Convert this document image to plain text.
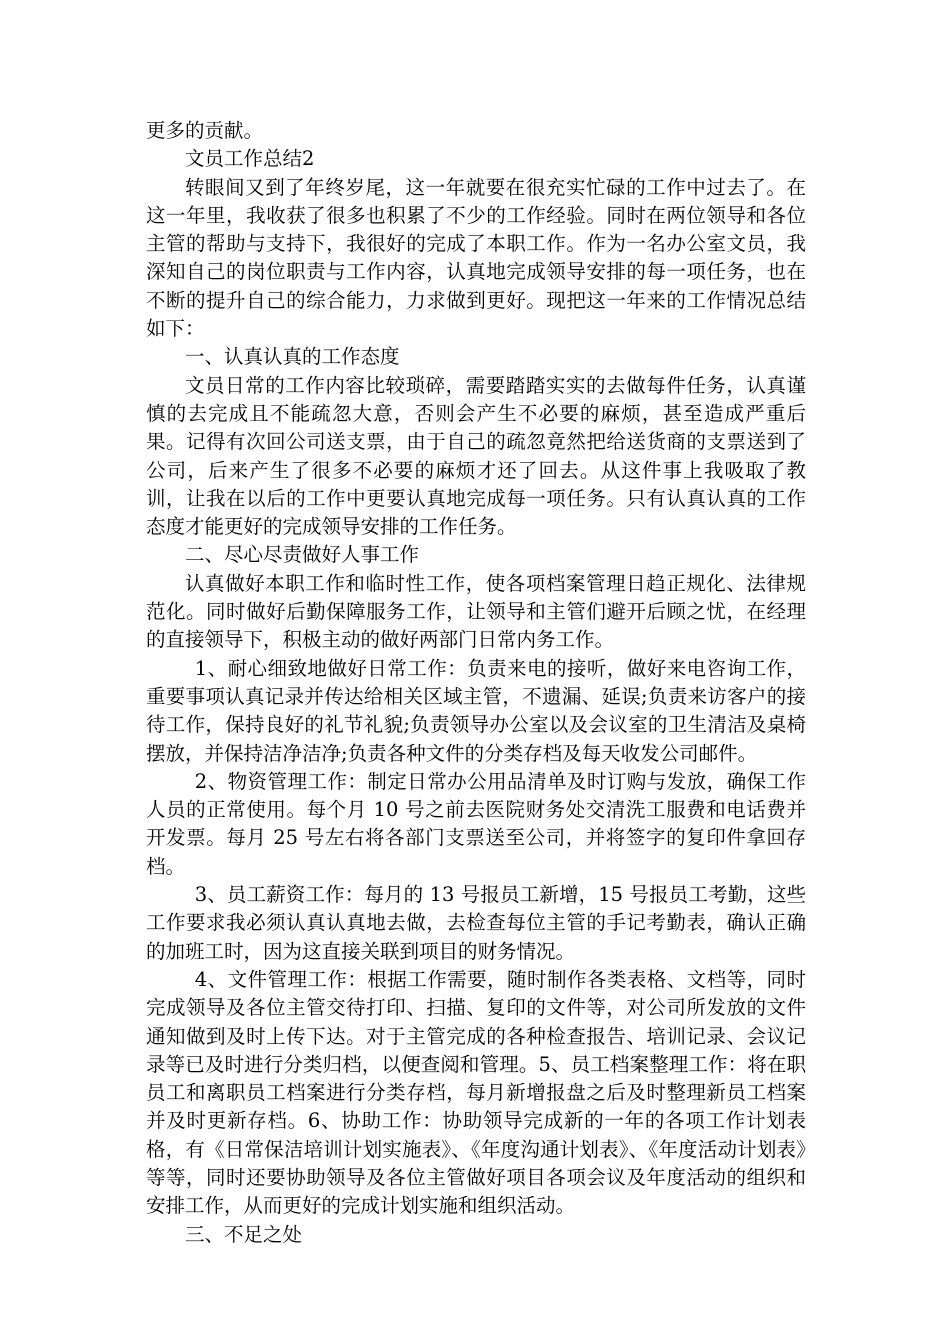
更多的贡献。

文员工作总结2

转眼间又到了年终岁尾，这一年就要在很充实忙碌的工作中过去了。在这一年里，我收获了很多也积累了不少的工作经验。同时在两位领导和各位主管的帮助与支持下，我很好的完成了本职工作。作为一名办公室文员，我深知自己的岗位职责与工作内容，认真地完成领导安排的每一项任务，也在不断的提升自己的综合能力，力求做到更好。现把这一年来的工作情况总结如下：

一、认真认真的工作态度

文员日常的工作内容比较琐碎，需要踏踏实实的去做每件任务，认真谨慎的去完成且不能疏忽大意，否则会产生不必要的麻烦，甚至造成严重后果。记得有次回公司送支票，由于自己的疏忽竟然把给送货商的支票送到了公司，后来产生了很多不必要的麻烦才还了回去。从这件事上我吸取了教训，让我在以后的工作中更要认真地完成每一项任务。只有认真认真的工作态度才能更好的完成领导安排的工作任务。

二、尽心尽责做好人事工作

认真做好本职工作和临时性工作，使各项档案管理日趋正规化、法律规范化。同时做好后勤保障服务工作，让领导和主管们避开后顾之忧，在经理的直接领导下，积极主动的做好两部门日常内务工作。

1、耐心细致地做好日常工作：负责来电的接听，做好来电咨询工作，重要事项认真记录并传达给相关区域主管，不遗漏、延误;负责来访客户的接待工作，保持良好的礼节礼貌;负责领导办公室以及会议室的卫生清洁及桌椅摆放，并保持洁净洁净;负责各种文件的分类存档及每天收发公司邮件。

2、物资管理工作：制定日常办公用品清单及时订购与发放，确保工作人员的正常使用。每个月 10 号之前去医院财务处交清洗工服费和电话费并开发票。每月 25 号左右将各部门支票送至公司，并将签字的复印件拿回存档。

3、员工薪资工作：每月的 13 号报员工新增，15 号报员工考勤，这些工作要求我必须认真认真地去做，去检查每位主管的手记考勤表，确认正确的加班工时，因为这直接关联到项目的财务情况。

4、文件管理工作：根据工作需要，随时制作各类表格、文档等，同时完成领导及各位主管交待打印、扫描、复印的文件等，对公司所发放的文件通知做到及时上传下达。对于主管完成的各种检查报告、培训记录、会议记录等已及时进行分类归档，以便查阅和管理。5、员工档案整理工作：将在职员工和离职员工档案进行分类存档，每月新增报盘之后及时整理新员工档案并及时更新存档。6、协助工作：协助领导完成新的一年的各项工作计划表格，有《日常保洁培训计划实施表》、《年度沟通计划表》、《年度活动计划表》等等，同时还要协助领导及各位主管做好项目各项会议及年度活动的组织和安排工作，从而更好的完成计划实施和组织活动。

三、不足之处
